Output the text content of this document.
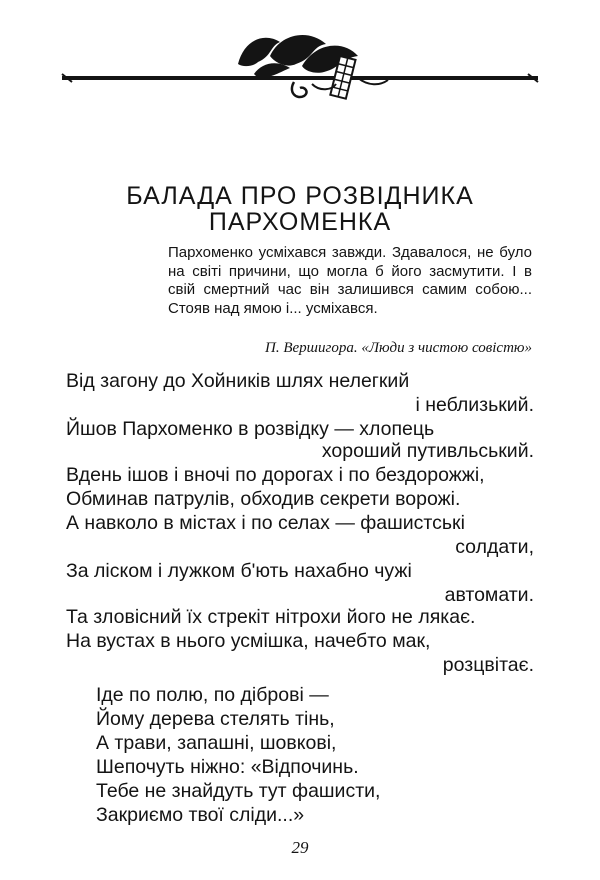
БАЛАДА ПРО РОЗВІДНИКА
ПАРХОМЕНКА

Пархоменко усміхався завжди. Здавалося, не було на світі причини, що могла б його засмутити. І в свій смертний час він залишився самим собою... Стояв над ямою і... усміхався.

П. Вершигора. «Люди з чистою совістю»

Від загону до Хойників шлях нелегкий

і неблизький.

Йшов Пархоменко в розвідку — хлопець

хороший путивльський.

Вдень ішов і вночі по дорогах і по бездорожжі,

Обминав патрулів, обходив секрети ворожі.

А навколо в містах і по селах — фашистські

солдати,

За ліском і лужком б'ють нахабно чужі

автомати.

Та зловісний їх стрекіт нітрохи його не лякає.

На вустах в нього усмішка, начебто мак,

розцвітає.

Іде по полю, по діброві —

Йому дерева стелять тінь,

А трави, запашні, шовкові,

Шепочуть ніжно: «Відпочинь.

Тебе не знайдуть тут фашисти,

Закриємо твої сліди...»

29
